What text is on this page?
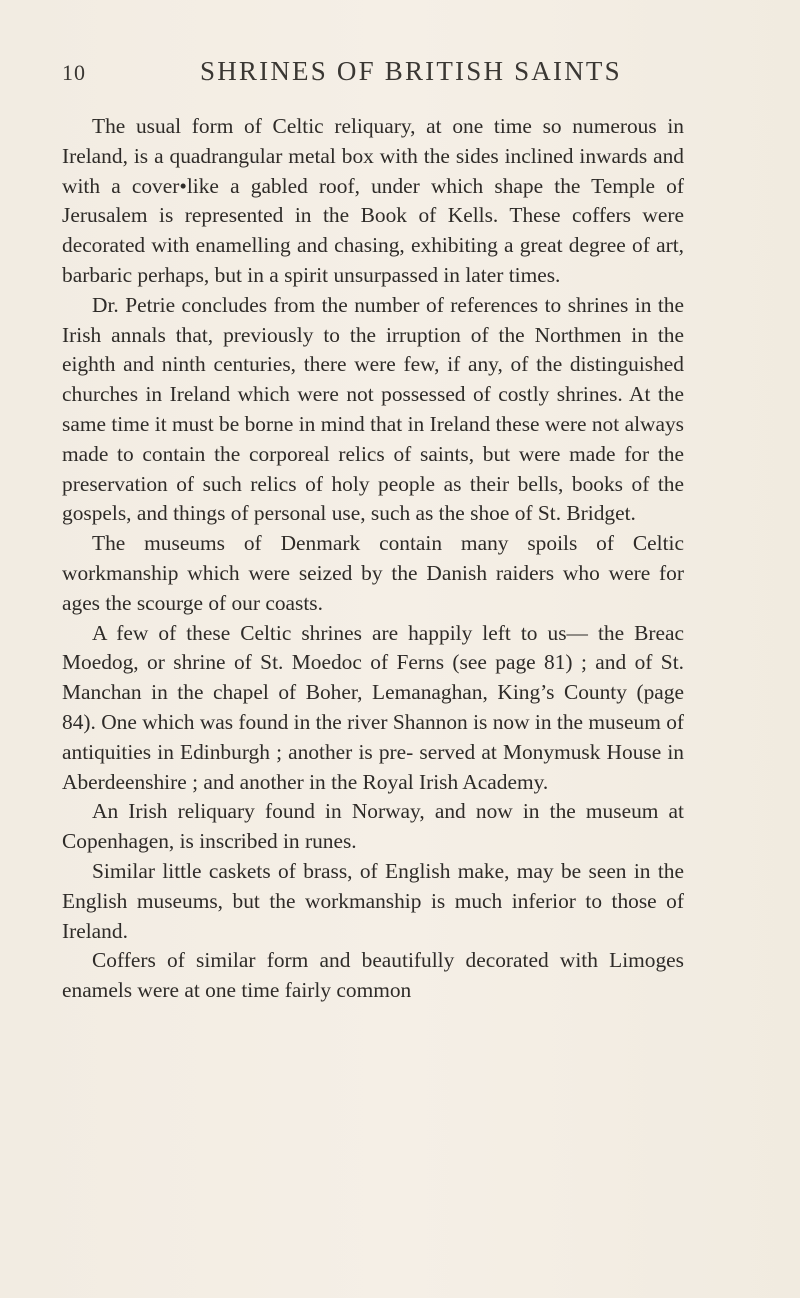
10	SHRINES OF BRITISH SAINTS

The usual form of Celtic reliquary, at one time so numerous in Ireland, is a quadrangular metal box with the sides inclined inwards and with a cover•like a gabled roof, under which shape the Temple of Jerusalem is represented in the Book of Kells. These coffers were decorated with enamelling and chasing, exhibiting a great degree of art, barbaric perhaps, but in a spirit unsurpassed in later times.

Dr. Petrie concludes from the number of references to shrines in the Irish annals that, previously to the irruption of the Northmen in the eighth and ninth centuries, there were few, if any, of the distinguished churches in Ireland which were not possessed of costly shrines. At the same time it must be borne in mind that in Ireland these were not always made to contain the corporeal relics of saints, but were made for the preservation of such relics of holy people as their bells, books of the gospels, and things of personal use, such as the shoe of St. Bridget.

The museums of Denmark contain many spoils of Celtic workmanship which were seized by the Danish raiders who were for ages the scourge of our coasts.

A few of these Celtic shrines are happily left to us— the Breac Moedog, or shrine of St. Moedoc of Ferns (see page 81) ; and of St. Manchan in the chapel of Boher, Lemanaghan, King’s County (page 84). One which was found in the river Shannon is now in the museum of antiquities in Edinburgh ; another is pre- served at Monymusk House in Aberdeenshire ; and another in the Royal Irish Academy.

An Irish reliquary found in Norway, and now in the museum at Copenhagen, is inscribed in runes.

Similar little caskets of brass, of English make, may be seen in the English museums, but the workmanship is much inferior to those of Ireland.

Coffers of similar form and beautifully decorated with Limoges enamels were at one time fairly common
